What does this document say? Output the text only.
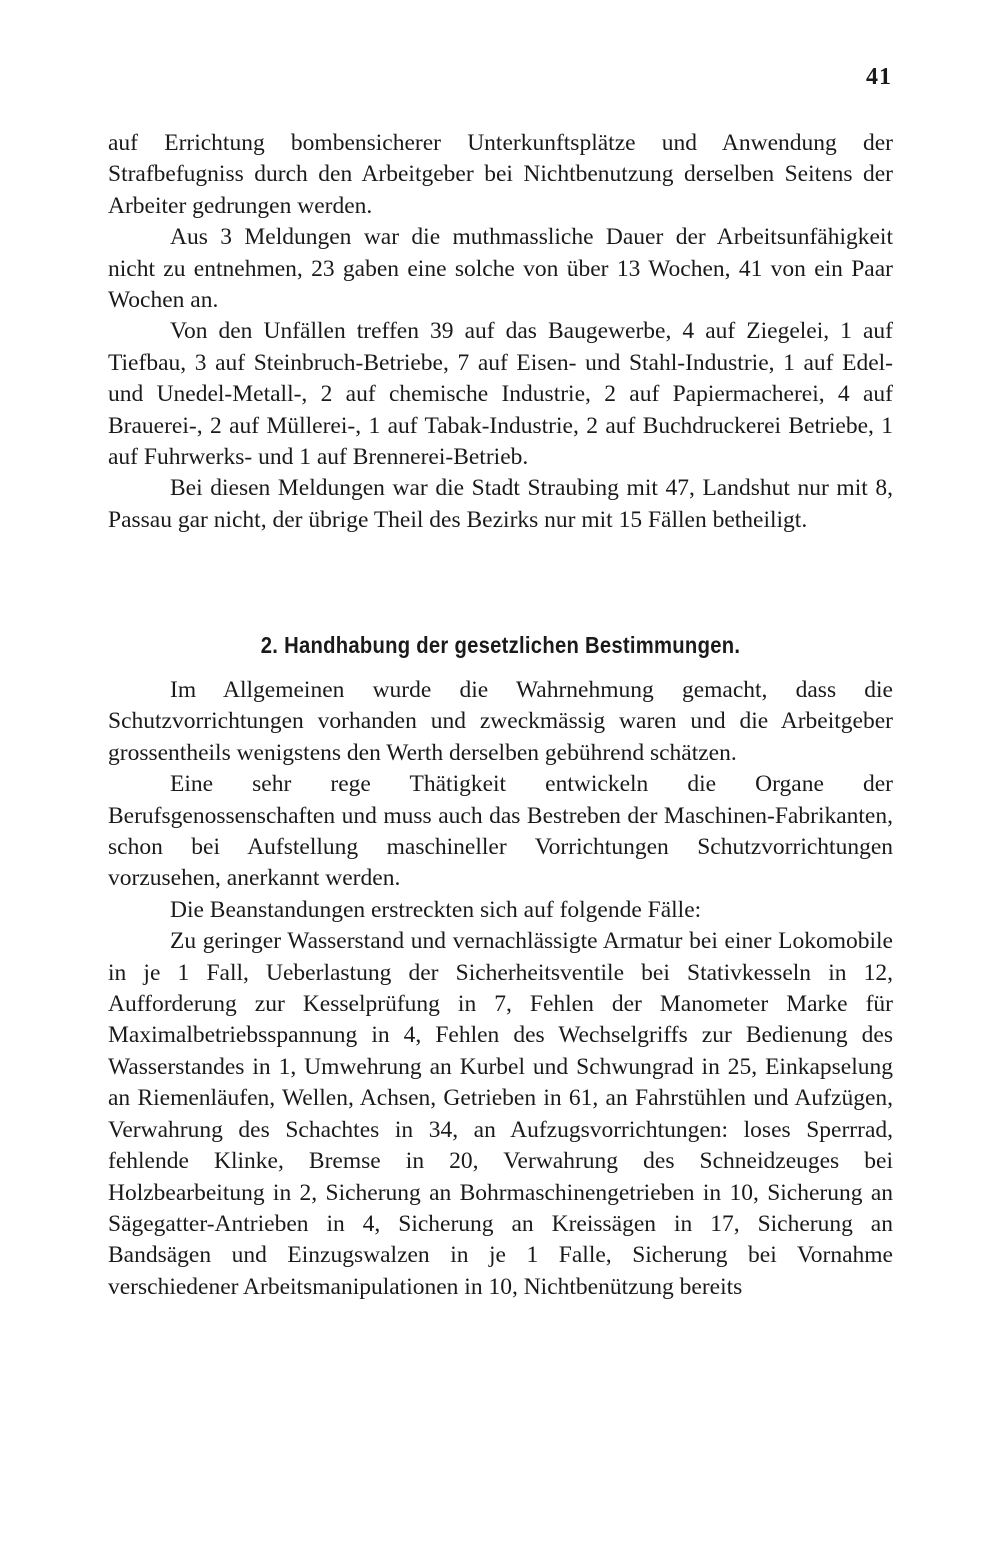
41

auf Errichtung bombensicherer Unterkunftsplätze und Anwendung der Strafbefugniss durch den Arbeitgeber bei Nichtbenutzung derselben Seitens der Arbeiter gedrungen werden.

Aus 3 Meldungen war die muthmassliche Dauer der Arbeitsunfähigkeit nicht zu entnehmen, 23 gaben eine solche von über 13 Wochen, 41 von ein Paar Wochen an.

Von den Unfällen treffen 39 auf das Baugewerbe, 4 auf Ziegelei, 1 auf Tiefbau, 3 auf Steinbruch-Betriebe, 7 auf Eisen- und Stahl-Industrie, 1 auf Edel- und Unedel-Metall-, 2 auf chemische Industrie, 2 auf Papiermacherei, 4 auf Brauerei-, 2 auf Müllerei-, 1 auf Tabak-Industrie, 2 auf Buchdruckerei Betriebe, 1 auf Fuhrwerks- und 1 auf Brennerei-Betrieb.

Bei diesen Meldungen war die Stadt Straubing mit 47, Landshut nur mit 8, Passau gar nicht, der übrige Theil des Bezirks nur mit 15 Fällen betheiligt.

2. Handhabung der gesetzlichen Bestimmungen.

Im Allgemeinen wurde die Wahrnehmung gemacht, dass die Schutzvorrichtungen vorhanden und zweckmässig waren und die Arbeitgeber grossentheils wenigstens den Werth derselben gebührend schätzen.

Eine sehr rege Thätigkeit entwickeln die Organe der Berufsgenossenschaften und muss auch das Bestreben der Maschinen-Fabrikanten, schon bei Aufstellung maschineller Vorrichtungen Schutzvorrichtungen vorzusehen, anerkannt werden.

Die Beanstandungen erstreckten sich auf folgende Fälle:

Zu geringer Wasserstand und vernachlässigte Armatur bei einer Lokomobile in je 1 Fall, Ueberlastung der Sicherheitsventile bei Stativkesseln in 12, Aufforderung zur Kesselprüfung in 7, Fehlen der Manometer Marke für Maximalbetriebsspannung in 4, Fehlen des Wechselgriffs zur Bedienung des Wasserstandes in 1, Umwehrung an Kurbel und Schwungrad in 25, Einkapselung an Riemenläufen, Wellen, Achsen, Getrieben in 61, an Fahrstühlen und Aufzügen, Verwahrung des Schachtes in 34, an Aufzugsvorrichtungen: loses Sperrrad, fehlende Klinke, Bremse in 20, Verwahrung des Schneidzeuges bei Holzbearbeitung in 2, Sicherung an Bohrmaschinengetrieben in 10, Sicherung an Sägegatter-Antrieben in 4, Sicherung an Kreissägen in 17, Sicherung an Bandsägen und Einzugswalzen in je 1 Falle, Sicherung bei Vornahme verschiedener Arbeitsmanipulationen in 10, Nichtbenützung bereits
